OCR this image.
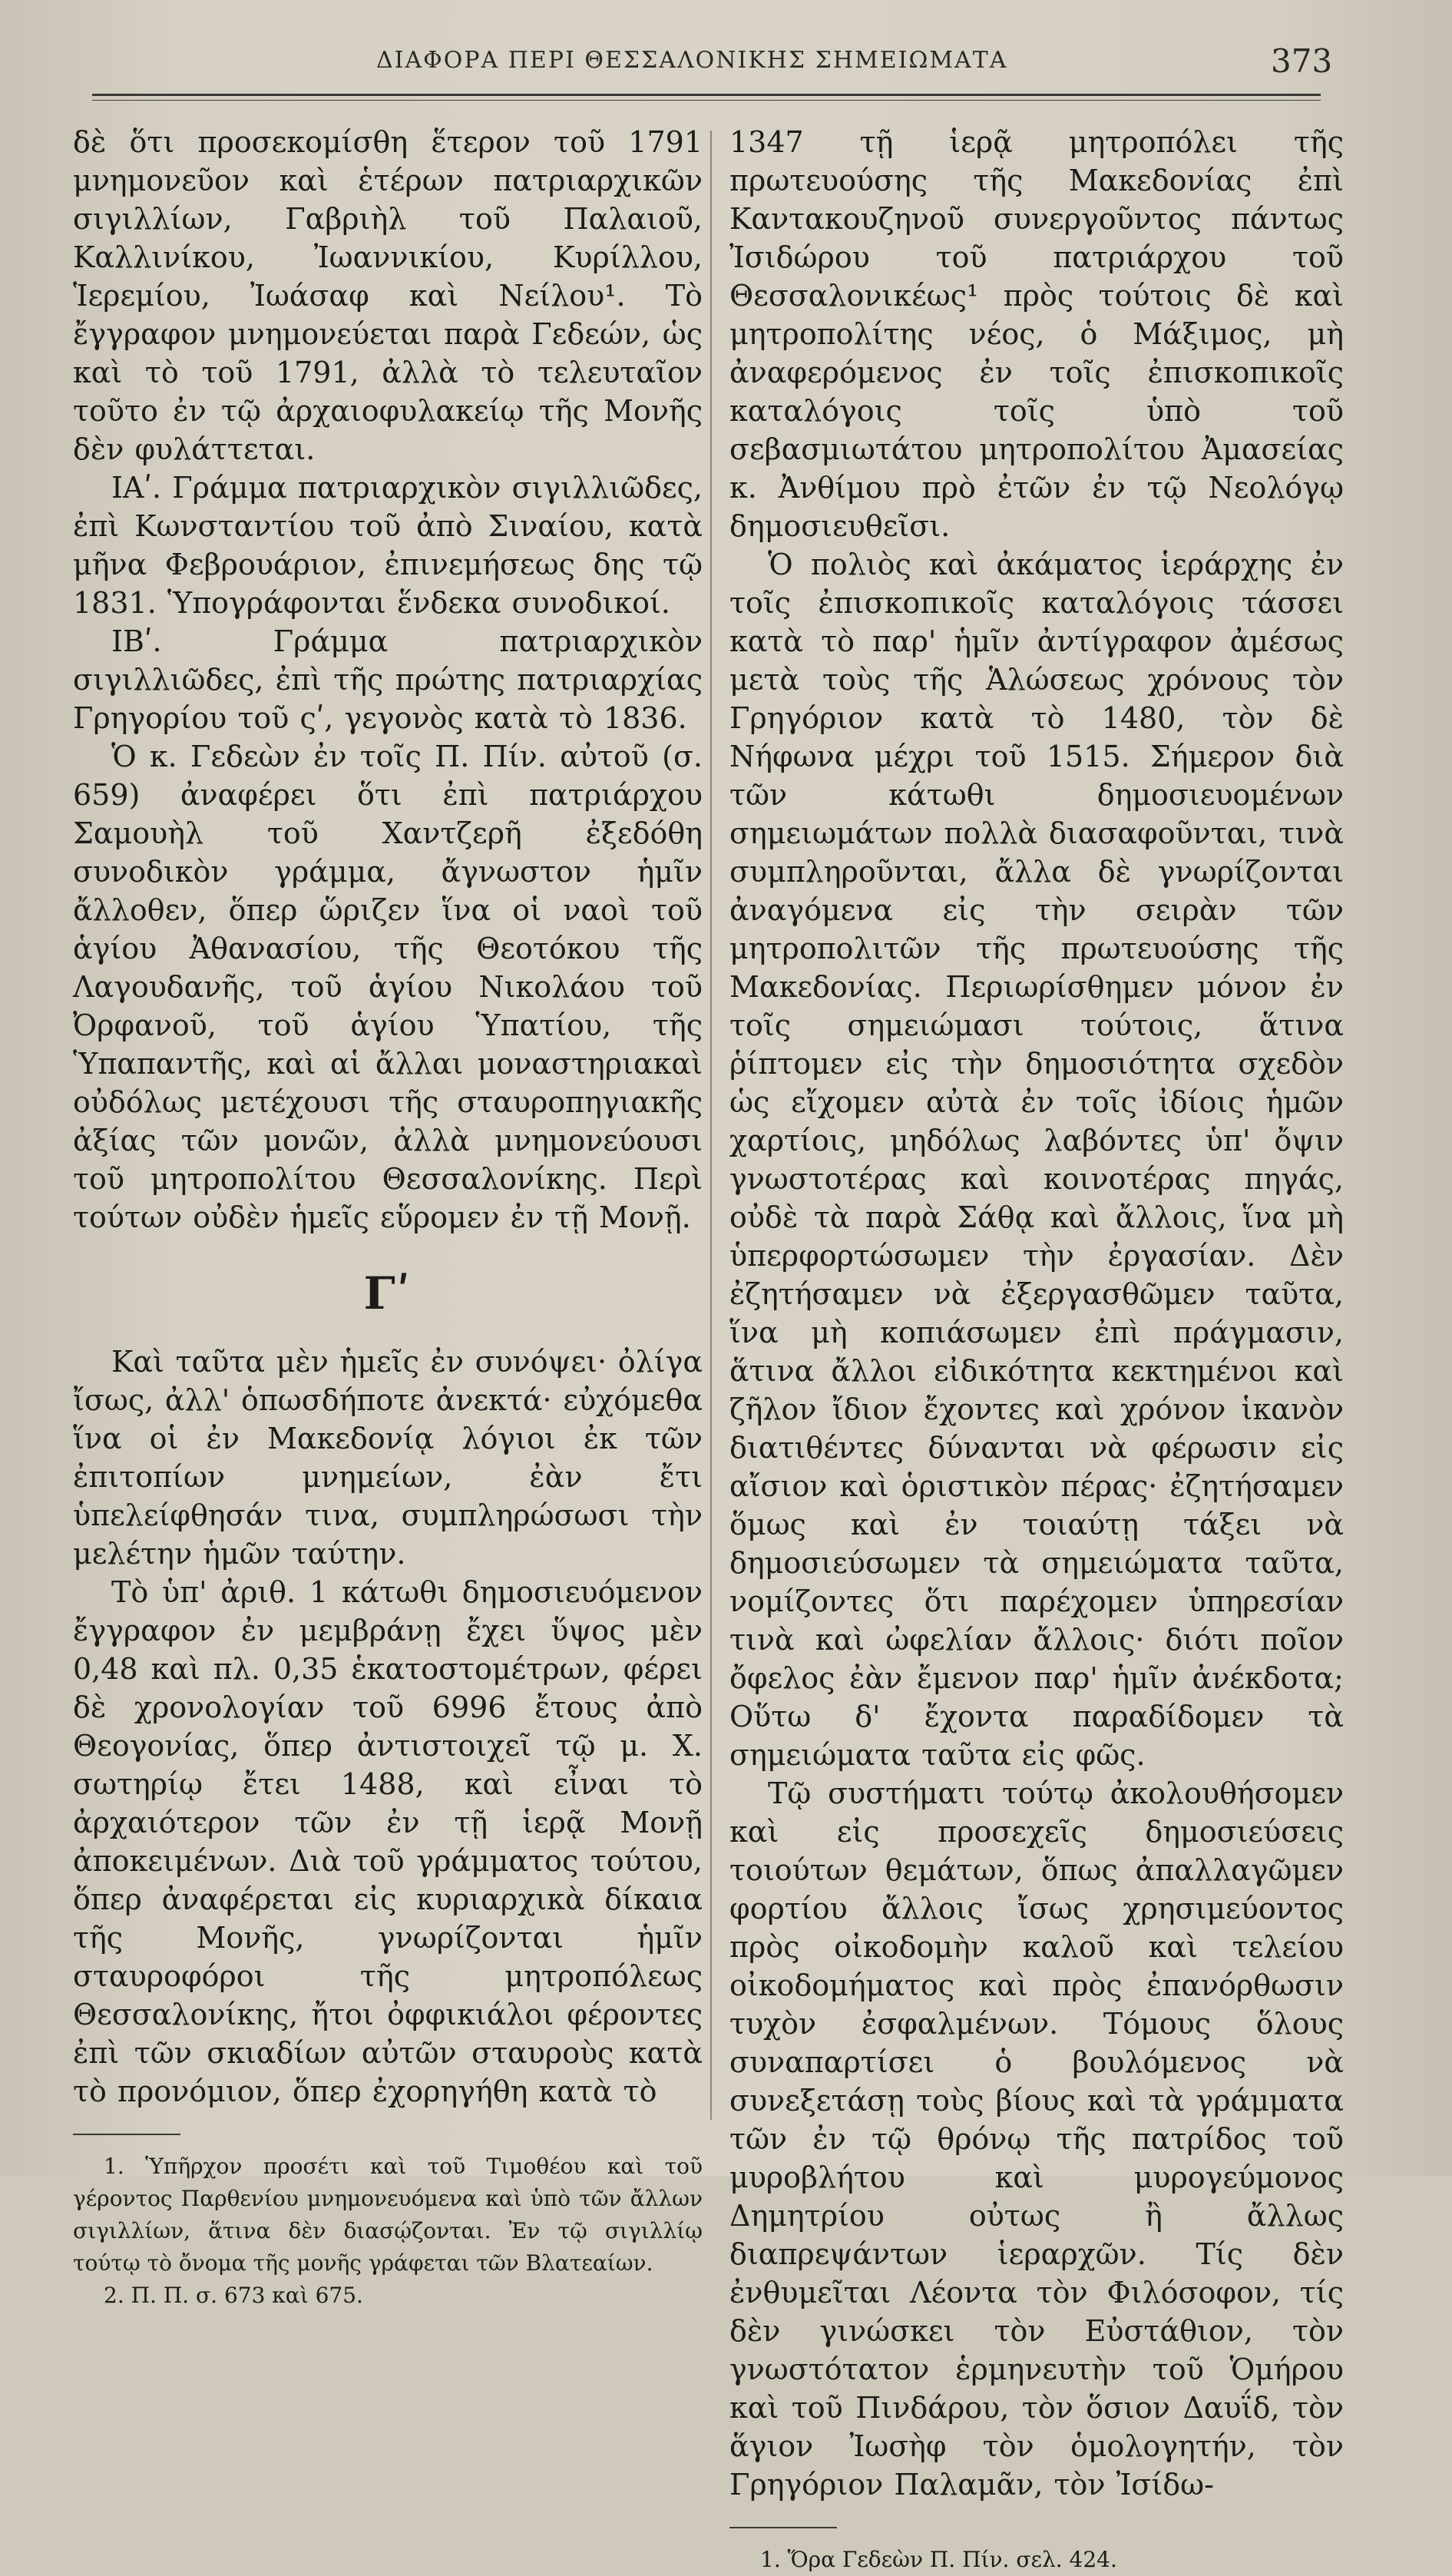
ΔΙΑΦΟΡΑ ΠΕΡΙ ΘΕΣΣΑΛΟΝΙΚΗΣ ΣΗΜΕΙΩΜΑΤΑ	373

δὲ ὅτι προσεκομίσθη ἕτερον τοῦ 1791 μνημονεῦον καὶ ἑτέρων πατριαρχικῶν σιγιλλίων, Γαβριὴλ τοῦ Παλαιοῦ, Καλλινίκου, Ἰωαννικίου, Κυρίλλου, Ἱερεμίου, Ἰωάσαφ καὶ Νείλου¹. Τὸ ἔγγραφον μνημονεύεται παρὰ Γεδεών, ὡς καὶ τὸ τοῦ 1791, ἀλλὰ τὸ τελευταῖον τοῦτο ἐν τῷ ἀρχαιοφυλακείῳ τῆς Μονῆς δὲν φυλάττεται.

ΙΑʹ. Γράμμα πατριαρχικὸν σιγιλλιῶδες, ἐπὶ Κωνσταντίου τοῦ ἀπὸ Σιναίου, κατὰ μῆνα Φεβρουάριον, ἐπινεμήσεως δης τῷ 1831. Ὑπογράφονται ἕνδεκα συνοδικοί.

ΙΒʹ. Γράμμα πατριαρχικὸν σιγιλλιῶδες, ἐπὶ τῆς πρώτης πατριαρχίας Γρηγορίου τοῦ ςʹ, γεγονὸς κατὰ τὸ 1836.

Ὁ κ. Γεδεὼν ἐν τοῖς Π. Πίν. αὐτοῦ (σ. 659) ἀναφέρει ὅτι ἐπὶ πατριάρχου Σαμουὴλ τοῦ Χαντζερῆ ἐξεδόθη συνοδικὸν γράμμα, ἄγνωστον ἡμῖν ἄλλοθεν, ὅπερ ὥριζεν ἵνα οἱ ναοὶ τοῦ ἁγίου Ἀθανασίου, τῆς Θεοτόκου τῆς Λαγουδανῆς, τοῦ ἁγίου Νικολάου τοῦ Ὀρφανοῦ, τοῦ ἁγίου Ὑπατίου, τῆς Ὑπαπαντῆς, καὶ αἱ ἄλλαι μοναστηριακαὶ οὐδόλως μετέχουσι τῆς σταυροπηγιακῆς ἀξίας τῶν μονῶν, ἀλλὰ μνημονεύουσι τοῦ μητροπολίτου Θεσσαλονίκης. Περὶ τούτων οὐδὲν ἡμεῖς εὕρομεν ἐν τῇ Μονῇ.

Γʹ

Καὶ ταῦτα μὲν ἡμεῖς ἐν συνόψει· ὀλίγα ἴσως, ἀλλ' ὁπωσδήποτε ἀνεκτά· εὐχόμεθα ἵνα οἱ ἐν Μακεδονίᾳ λόγιοι ἐκ τῶν ἐπιτοπίων μνημείων, ἐὰν ἔτι ὑπελείφθησάν τινα, συμπληρώσωσι τὴν μελέτην ἡμῶν ταύτην.

Τὸ ὑπ' ἀριθ. 1 κάτωθι δημοσιευόμενον ἔγγραφον ἐν μεμβράνῃ ἔχει ὕψος μὲν 0,48 καὶ πλ. 0,35 ἑκατοστομέτρων, φέρει δὲ χρονολογίαν τοῦ 6996 ἔτους ἀπὸ Θεογονίας, ὅπερ ἀντιστοιχεῖ τῷ μ. Χ. σωτηρίῳ ἔτει 1488, καὶ εἶναι τὸ ἀρχαιότερον τῶν ἐν τῇ ἱερᾷ Μονῇ ἀποκειμένων. Διὰ τοῦ γράμματος τούτου, ὅπερ ἀναφέρεται εἰς κυριαρχικὰ δίκαια τῆς Μονῆς, γνωρίζονται ἡμῖν σταυροφόροι τῆς μητροπόλεως Θεσσαλονίκης, ἤτοι ὀφφικιάλοι φέροντες ἐπὶ τῶν σκιαδίων αὐτῶν σταυροὺς κατὰ τὸ προνόμιον, ὅπερ ἐχορηγήθη κατὰ τὸ

1. Ὑπῆρχον προσέτι καὶ τοῦ Τιμοθέου καὶ τοῦ γέροντος Παρθενίου μνημονευόμενα καὶ ὑπὸ τῶν ἄλλων σιγιλλίων, ἅτινα δὲν διασῴζονται. Ἐν τῷ σιγιλλίῳ τούτῳ τὸ ὄνομα τῆς μονῆς γράφεται τῶν Βλατεαίων.

2. Π. Π. σ. 673 καὶ 675.

1347 τῇ ἱερᾷ μητροπόλει τῆς πρωτευούσης τῆς Μακεδονίας ἐπὶ Καντακουζηνοῦ συνεργοῦντος πάντως Ἰσιδώρου τοῦ πατριάρχου τοῦ Θεσσαλονικέως¹ πρὸς τούτοις δὲ καὶ μητροπολίτης νέος, ὁ Μάξιμος, μὴ ἀναφερόμενος ἐν τοῖς ἐπισκοπικοῖς καταλόγοις τοῖς ὑπὸ τοῦ σεβασμιωτάτου μητροπολίτου Ἀμασείας κ. Ἀνθίμου πρὸ ἐτῶν ἐν τῷ Νεολόγῳ δημοσιευθεῖσι.

Ὁ πολιὸς καὶ ἀκάματος ἱεράρχης ἐν τοῖς ἐπισκοπικοῖς καταλόγοις τάσσει κατὰ τὸ παρ' ἡμῖν ἀντίγραφον ἀμέσως μετὰ τοὺς τῆς Ἁλώσεως χρόνους τὸν Γρηγόριον κατὰ τὸ 1480, τὸν δὲ Νήφωνα μέχρι τοῦ 1515. Σήμερον διὰ τῶν κάτωθι δημοσιευομένων σημειωμάτων πολλὰ διασαφοῦνται, τινὰ συμπληροῦνται, ἄλλα δὲ γνωρίζονται ἀναγόμενα εἰς τὴν σειρὰν τῶν μητροπολιτῶν τῆς πρωτευούσης τῆς Μακεδονίας. Περιωρίσθημεν μόνον ἐν τοῖς σημειώμασι τούτοις, ἅτινα ῥίπτομεν εἰς τὴν δημοσιότητα σχεδὸν ὡς εἴχομεν αὐτὰ ἐν τοῖς ἰδίοις ἡμῶν χαρτίοις, μηδόλως λαβόντες ὑπ' ὄψιν γνωστοτέρας καὶ κοινοτέρας πηγάς, οὐδὲ τὰ παρὰ Σάθᾳ καὶ ἄλλοις, ἵνα μὴ ὑπερφορτώσωμεν τὴν ἐργασίαν. Δὲν ἐζητήσαμεν νὰ ἐξεργασθῶμεν ταῦτα, ἵνα μὴ κοπιάσωμεν ἐπὶ πράγμασιν, ἅτινα ἄλλοι εἰδικότητα κεκτημένοι καὶ ζῆλον ἴδιον ἔχοντες καὶ χρόνον ἱκανὸν διατιθέντες δύνανται νὰ φέρωσιν εἰς αἴσιον καὶ ὁριστικὸν πέρας· ἐζητήσαμεν ὅμως καὶ ἐν τοιαύτῃ τάξει νὰ δημοσιεύσωμεν τὰ σημειώματα ταῦτα, νομίζοντες ὅτι παρέχομεν ὑπηρεσίαν τινὰ καὶ ὠφελίαν ἄλλοις· διότι ποῖον ὄφελος ἐὰν ἔμενον παρ' ἡμῖν ἀνέκδοτα; Οὕτω δ' ἔχοντα παραδίδομεν τὰ σημειώματα ταῦτα εἰς φῶς.

Τῷ συστήματι τούτῳ ἀκολουθήσομεν καὶ εἰς προσεχεῖς δημοσιεύσεις τοιούτων θεμάτων, ὅπως ἀπαλλαγῶμεν φορτίου ἄλλοις ἴσως χρησιμεύοντος πρὸς οἰκοδομὴν καλοῦ καὶ τελείου οἰκοδομήματος καὶ πρὸς ἐπανόρθωσιν τυχὸν ἐσφαλμένων. Τόμους ὅλους συναπαρτίσει ὁ βουλόμενος νὰ συνεξετάσῃ τοὺς βίους καὶ τὰ γράμματα τῶν ἐν τῷ θρόνῳ τῆς πατρίδος τοῦ μυροβλήτου καὶ μυρογεύμονος Δημητρίου οὐτως ἢ ἄλλως διαπρεψάντων ἱεραρχῶν. Τίς δὲν ἐνθυμεῖται Λέοντα τὸν Φιλόσοφον, τίς δὲν γινώσκει τὸν Εὐστάθιον, τὸν γνωστότατον ἑρμηνευτὴν τοῦ Ὁμήρου καὶ τοῦ Πινδάρου, τὸν ὅσιον Δαυΐδ, τὸν ἅγιον Ἰωσὴφ τὸν ὁμολογητήν, τὸν Γρηγόριον Παλαμᾶν, τὸν Ἰσίδω-

1. Ὅρα Γεδεὼν Π. Πίν. σελ. 424.
